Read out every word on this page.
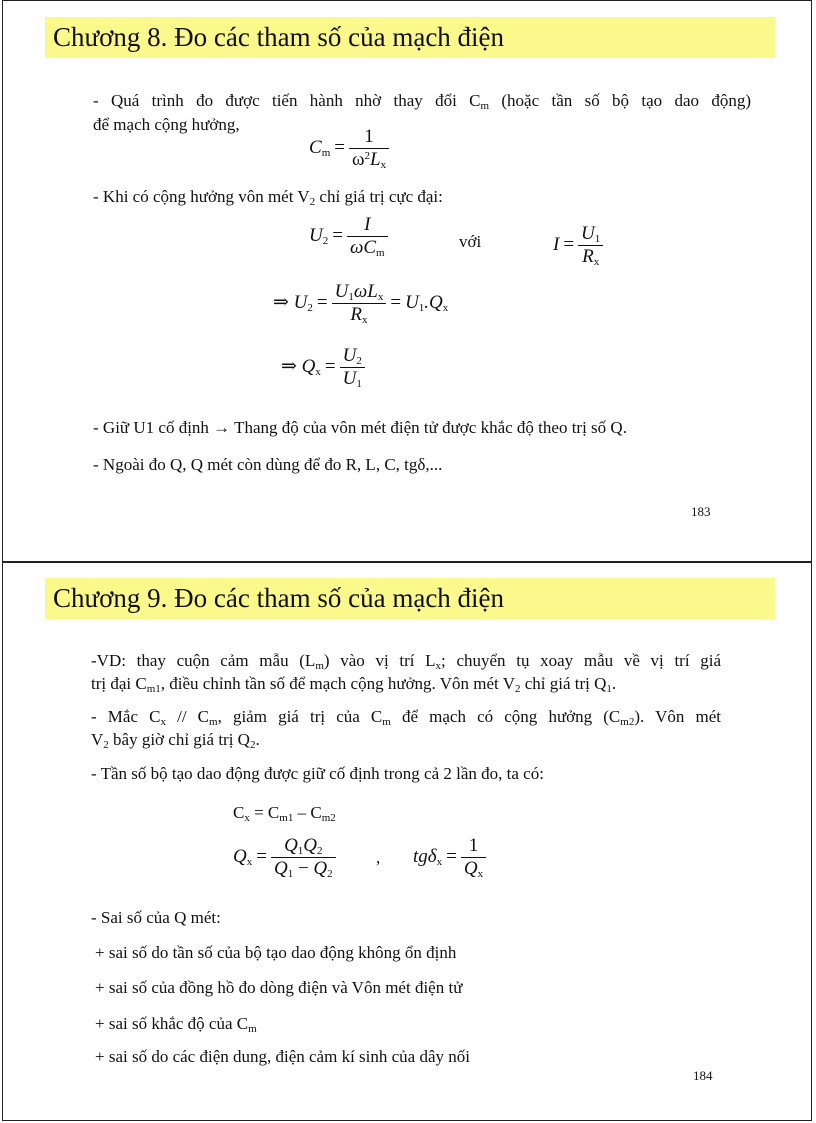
Chương 8. Đo các tham số của mạch điện
- Quá trình đo được tiến hành nhờ thay đổi $C_m$ (hoặc tần số bộ tạo dao động)
để mạch cộng hưởng,
$C_m = \frac{1}{\omega^2L_x}$
- Khi có cộng hưởng vôn mét $V_2$ chỉ giá trị cực đại:
$U_2 = \frac{I}{\omega C_m}$	với	$I = \frac{U_1}{R_x}$
⇒ $U_2 = \frac{U_1\omega L_x}{R_x} = U_1.Q_x$
⇒ $Q_x = \frac{U_2}{U_1}$
- Giữ U1 cố định → Thang độ của vôn mét điện tử được khắc độ theo trị số Q.
- Ngoài đo Q, Q mét còn dùng để đo R, L, C, tgδ,...
183
Chương 9. Đo các tham số của mạch điện
-VD: thay cuộn cảm mẫu $(L_m)$ vào vị trí $L_x$; chuyển tụ xoay mẫu về vị trí giá
trị đại $C_{m1}$, điều chỉnh tần số để mạch cộng hưởng. Vôn mét $V_2$ chỉ giá trị $Q_1$.
- Mắc $C_x // C_m$, giảm giá trị của $C_m$ để mạch có cộng hưởng $(C_{m2})$. Vôn mét
$V_2$ bây giờ chỉ giá trị $Q_2$.
- Tần số bộ tạo dao động được giữ cố định trong cả 2 lần đo, ta có:
$C_x = C_{m1} - C_{m2}$
$Q_x = \frac{Q_1Q_2}{Q_1 - Q_2}$ , $tg\delta_x = \frac{1}{Q_x}$
- Sai số của Q mét:
+ sai số do tần số của bộ tạo dao động không ổn định
+ sai số của đồng hồ đo dòng điện và Vôn mét điện tử
+ sai số khắc độ của $C_m$
+ sai số do các điện dung, điện cảm kí sinh của dây nối
184
